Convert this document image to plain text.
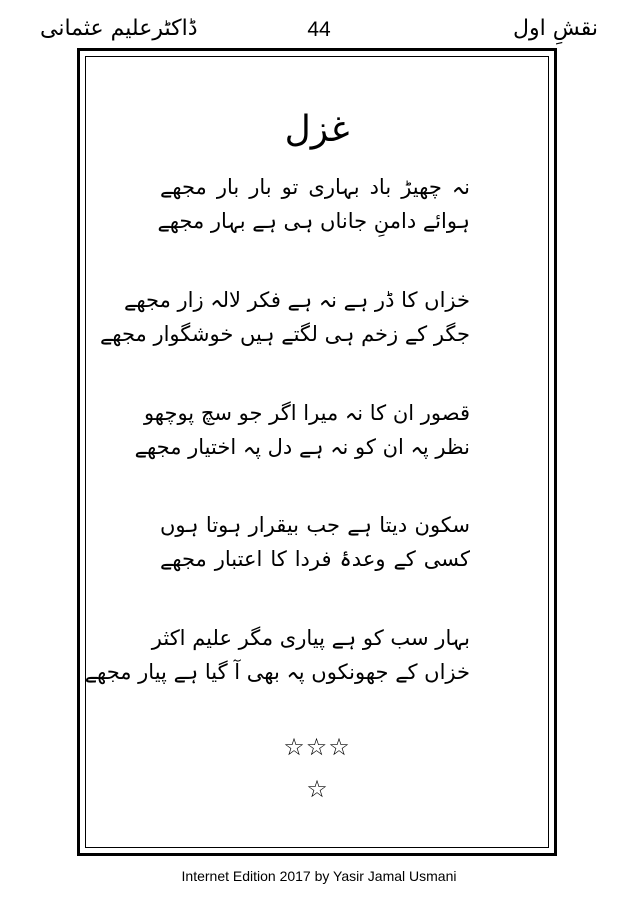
نقشِ اول
44
ڈاکٹرعلیم عثمانی
غزل
نہ چھیڑ باد بہاری تو بار بار مجھے
ہوائے دامنِ جاناں ہی ہے بہار مجھے
خزاں کا ڈر ہے نہ ہے فکر لالہ زار مجھے
جگر کے زخم ہی لگتے ہیں خوشگوار مجھے
قصور ان کا نہ میرا اگر جو سچ پوچھو
نظر پہ ان کو نہ ہے دل پہ اختیار مجھے
سکون دیتا ہے جب بیقرار ہوتا ہوں
کسی کے وعدۂ فردا کا اعتبار مجھے
بہار سب کو ہے پیاری مگر علیم اکثر
خزاں کے جھونکوں پہ بھی آ گیا ہے پیار مجھے
☆☆☆
☆
Internet Edition 2017 by Yasir Jamal Usmani
